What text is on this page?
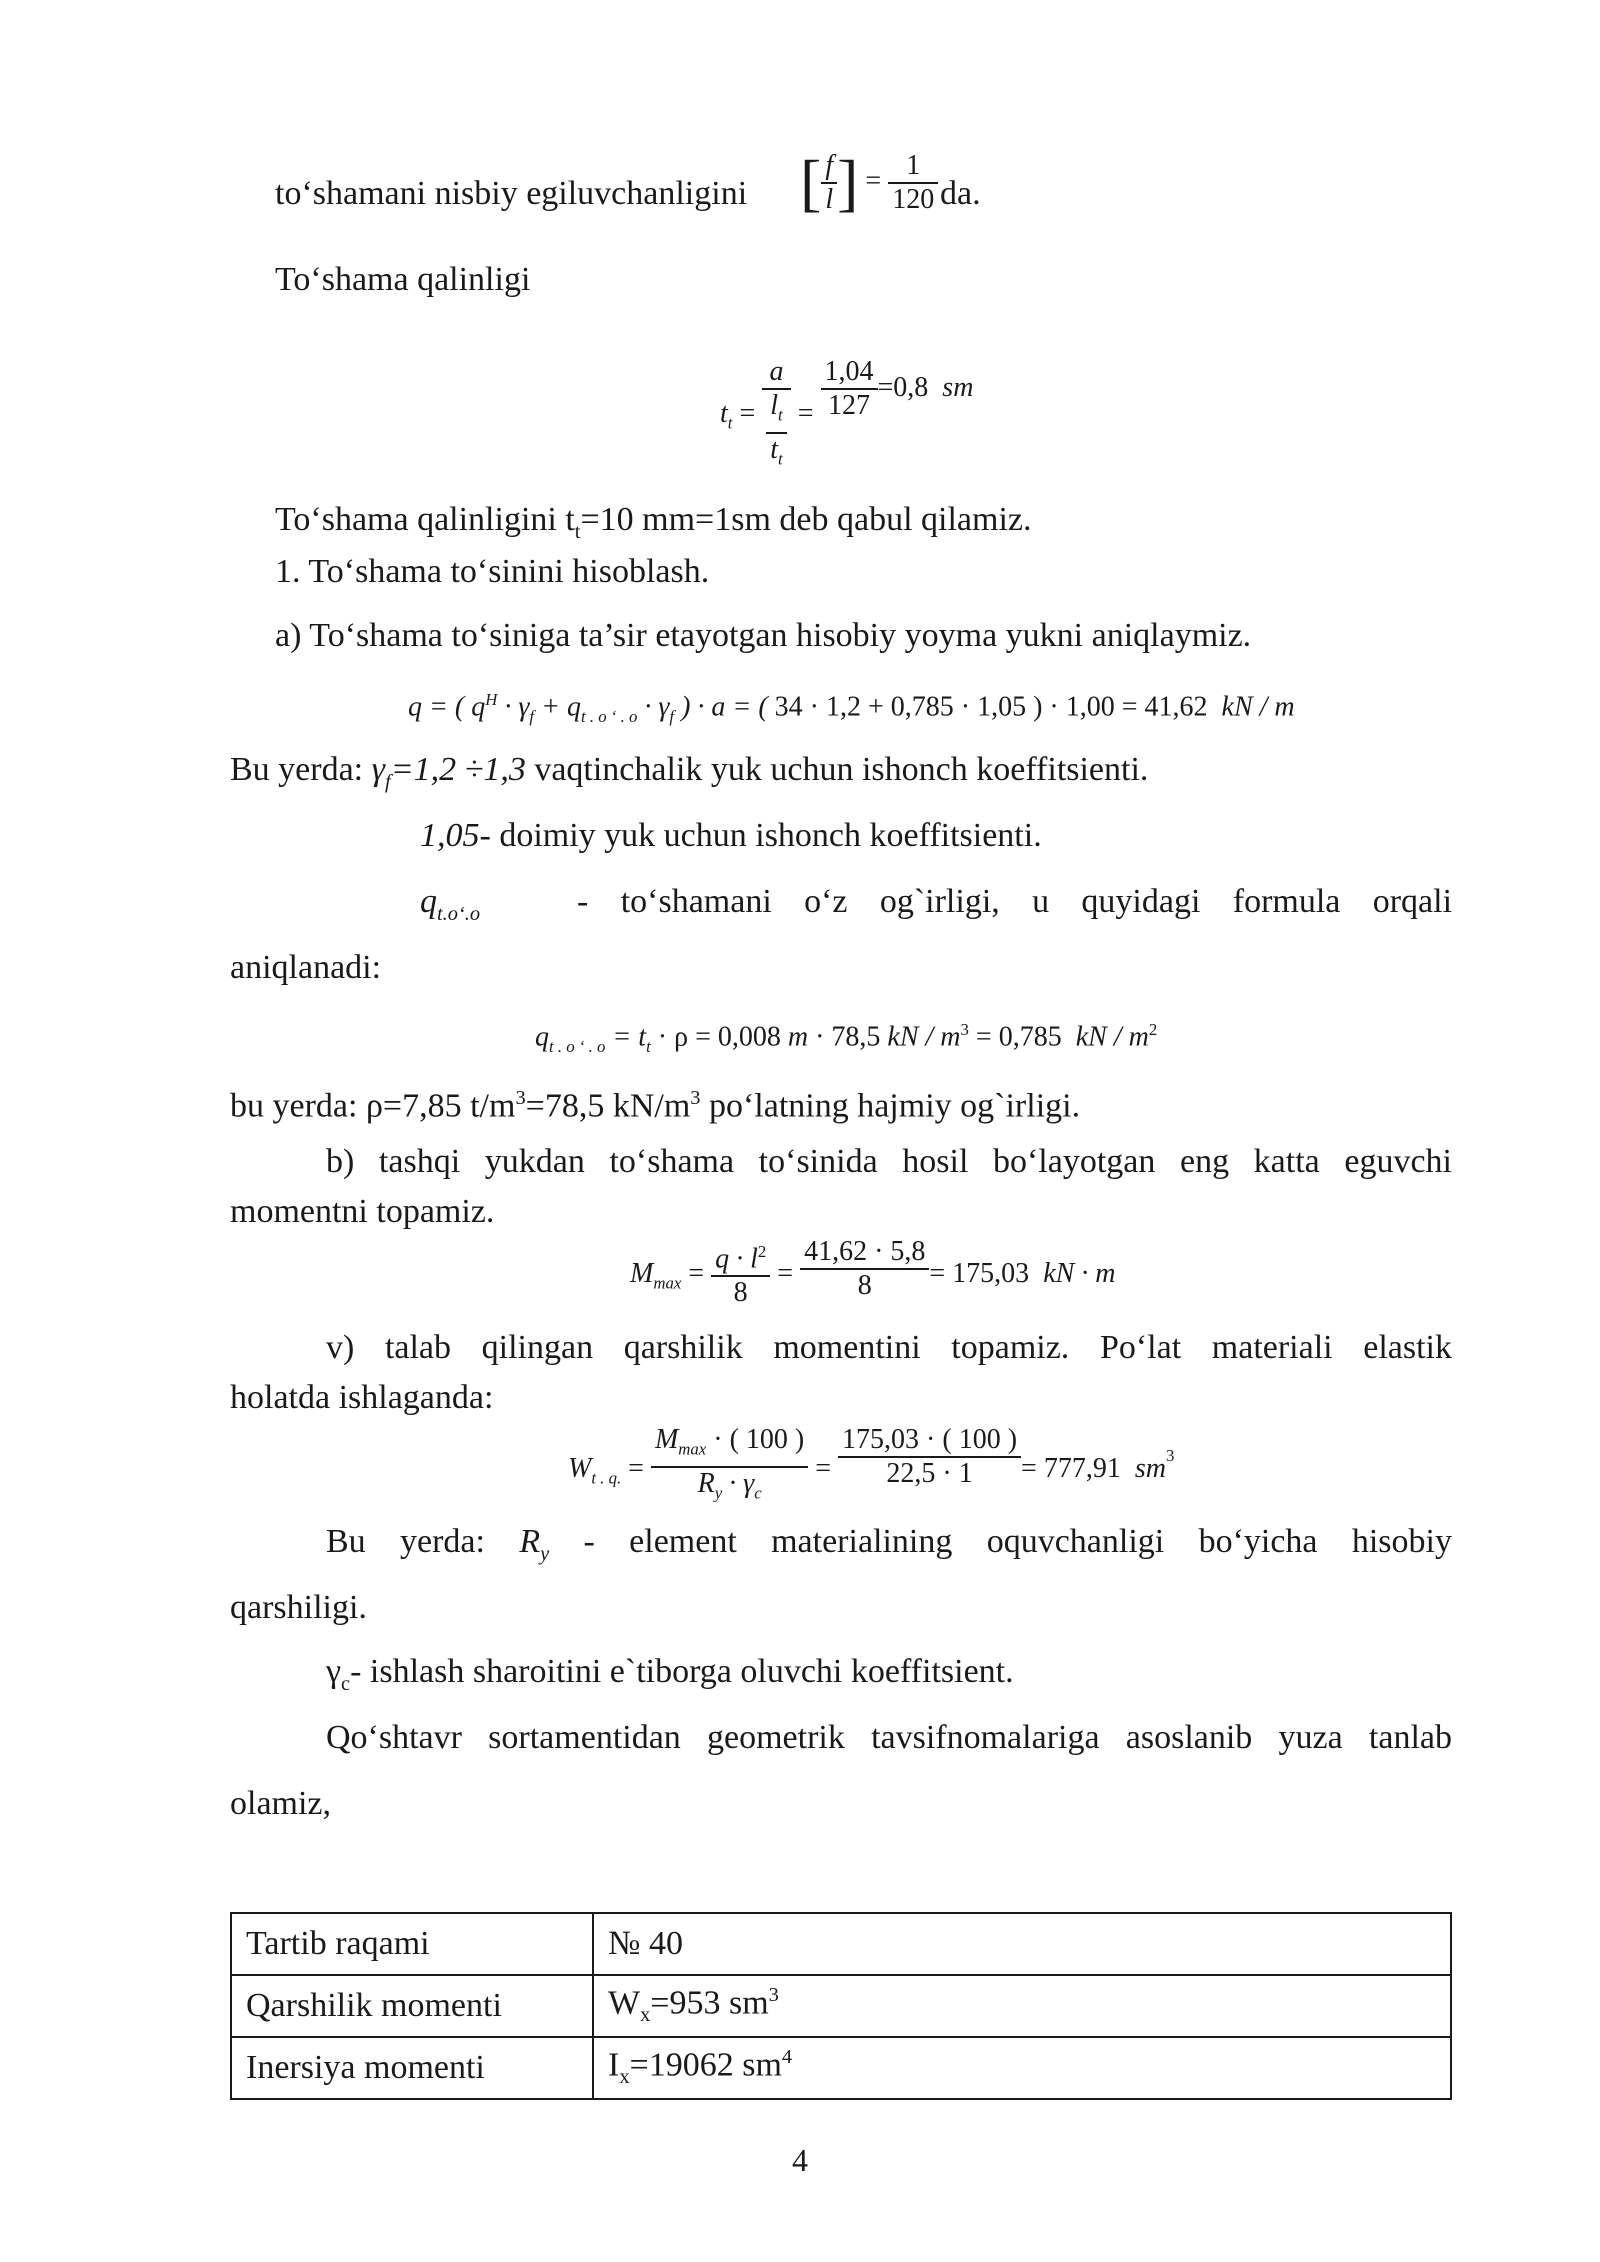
to‘shamani nisbiy egiluvchanligini [ $\frac{f}{l}$ ] = $\frac{1}{120}$ da.
To‘shama qalinligi
$t_t = \frac{a}{\frac{l_t}{t_t}} = \frac{1,04}{127} =0,8$ sm
To‘shama qalinligini $t_t=10$ mm=1sm deb qabul qilamiz.
1. To‘shama to‘sinini hisoblash.
a) To‘shama to‘siniga ta’sir etayotgan hisobiy yoyma yukni aniqlaymiz.
q = ( $q^H \cdot \gamma_f + q_{t . o ‘ . o} \cdot \gamma_f$ ) · a = ( 34 · 1,2 + 0,785 · 1,05 ) · 1,00 = 41,62 kN / m
Bu yerda: $\gamma_f=1,2 \div 1,3$ vaqtinchalik yuk uchun ishonch koeffitsienti.
1,05- doimiy yuk uchun ishonch koeffitsienti.
$q_{t.o‘.o}$	- to‘shamani o‘z og`irligi, u quyidagi formula orqali
aniqlanadi:
$q_{t . o ‘ . o} = t_t \cdot \rho = 0,008$ m · 78,5 kN / m$^3$ = 0,785 kN / m$^2$
bu yerda: ρ=7,85 $t/m^3=78,5$ $kN/m^3$ po‘latning hajmiy og`irligi.
b) tashqi yukdan to‘shama to‘sinida hosil bo‘layotgan eng katta eguvchi
momentni topamiz.
$M_{max} = \frac{q \cdot l^2}{8} = \frac{41,62 \cdot 5,8}{8} = 175,03$ kN · m
v) talab qilingan qarshilik momentini topamiz. Po‘lat materiali elastik
holatda ishlaganda:
$W_{t . q.} = \frac{M_{max} \cdot ( 100 )}{R_y \cdot \gamma_c} = \frac{175,03 \cdot ( 100 )}{22,5 \cdot 1} = 777,91$ sm$^3$
Bu yerda: $R_y$ - element materialining oquvchanligi bo‘yicha hisobiy
qarshiligi.
$\gamma_c-$ ishlash sharoitini e`tiborga oluvchi koeffitsient.
Qo‘shtavr sortamentidan geometrik tavsifnomalariga asoslanib yuza tanlab
olamiz,
Tartib raqami	№ 40
Qarshilik momenti	$W_x=953$ $sm^3$
Inersiya momenti	$I_x=19062$ $sm^4$
4
